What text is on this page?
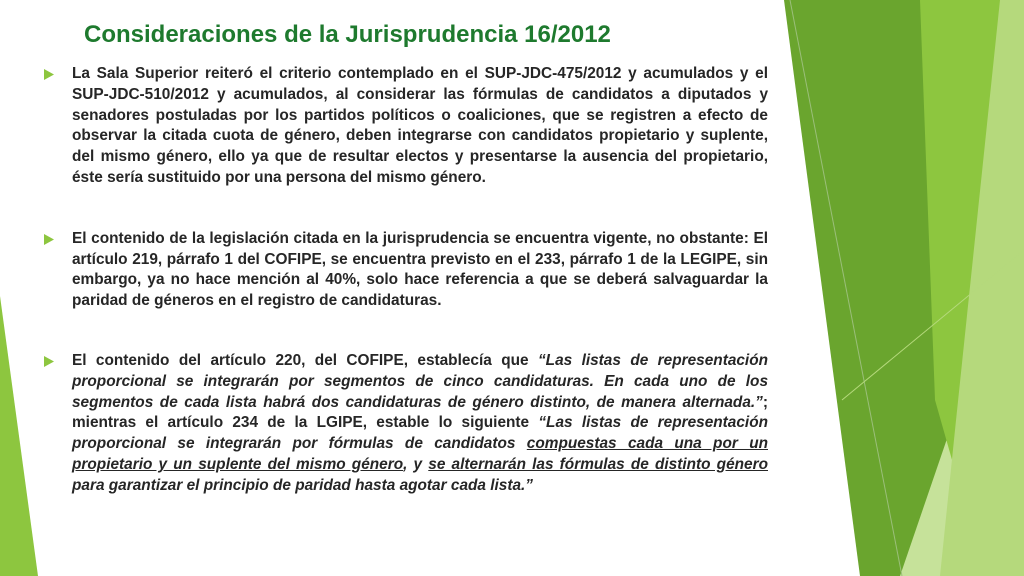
Consideraciones de la Jurisprudencia 16/2012
La Sala Superior reiteró el criterio contemplado en el SUP-JDC-475/2012 y acumulados y el SUP-JDC-510/2012 y acumulados, al considerar las fórmulas de candidatos a diputados y senadores postuladas por los partidos políticos o coaliciones, que se registren a efecto de observar la citada cuota de género, deben integrarse con candidatos propietario y suplente, del mismo género, ello ya que de resultar electos y presentarse la ausencia del propietario, éste sería sustituido por una persona del mismo género.
El contenido de la legislación citada en la jurisprudencia se encuentra vigente, no obstante: El artículo 219, párrafo 1 del COFIPE, se encuentra previsto en el 233, párrafo 1 de la LEGIPE, sin embargo, ya no hace mención al 40%, solo hace referencia a que se deberá salvaguardar la paridad de géneros en el registro de candidaturas.
El contenido del artículo 220, del COFIPE, establecía que “Las listas de representación proporcional se integrarán por segmentos de cinco candidaturas. En cada uno de los segmentos de cada lista habrá dos candidaturas de género distinto, de manera alternada.”; mientras el artículo 234 de la LGIPE, estable lo siguiente “Las listas de representación proporcional se integrarán por fórmulas de candidatos compuestas cada una por un propietario y un suplente del mismo género, y se alternarán las fórmulas de distinto género para garantizar el principio de paridad hasta agotar cada lista.”
